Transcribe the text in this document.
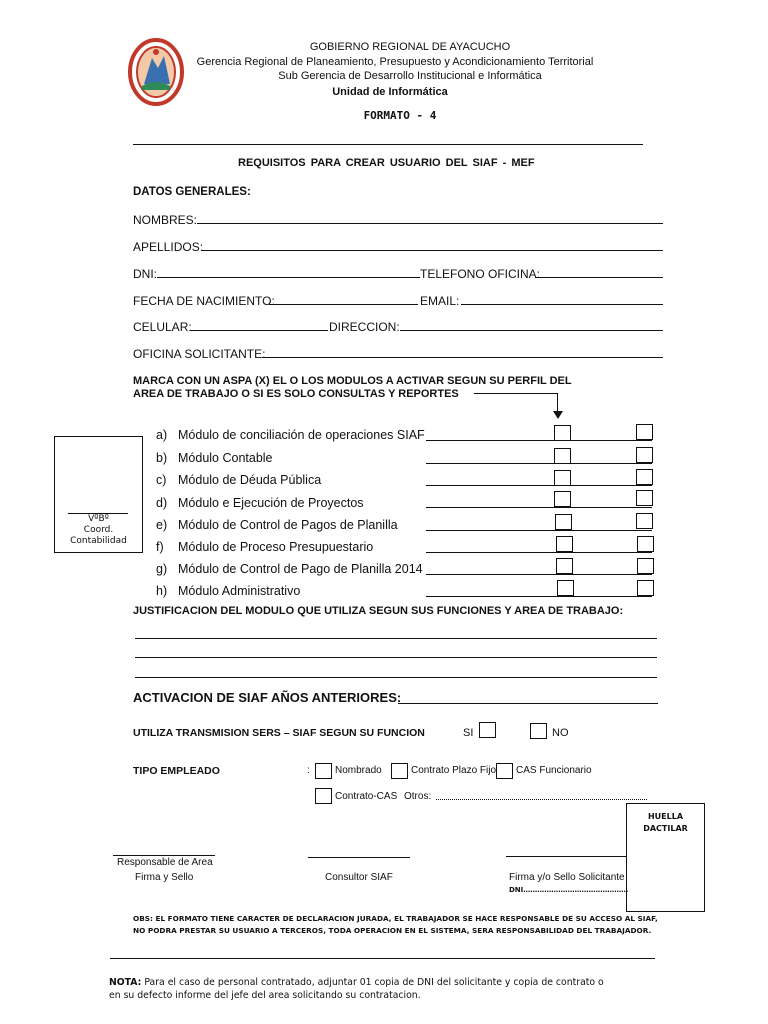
GOBIERNO REGIONAL DE AYACUCHO
Gerencia Regional de Planeamiento, Presupuesto y Acondicionamiento Territorial
Sub Gerencia de Desarrollo Institucional e Informática
Unidad de Informática
FORMATO - 4
REQUISITOS PARA CREAR USUARIO DEL SIAF - MEF
DATOS GENERALES:
NOMBRES:
APELLIDOS:
DNI:	TELEFONO OFICINA:
FECHA DE NACIMIENTO:	EMAIL:
CELULAR:	DIRECCION:
OFICINA SOLICITANTE:
MARCA CON UN ASPA (X) EL O LOS MODULOS A ACTIVAR SEGUN SU PERFIL DEL
AREA DE TRABAJO O SI ES SOLO CONSULTAS Y REPORTES
VºBº
Coord.
Contabilidad
a) Módulo de conciliación de operaciones SIAF
b) Módulo Contable
c) Módulo de Déuda Pública
d) Módulo e Ejecución de Proyectos
e) Módulo de Control de Pagos de Planilla
f) Módulo de Proceso Presupuestario
g) Módulo de Control de Pago de Planilla 2014
h) Módulo Administrativo
JUSTIFICACION DEL MODULO QUE UTILIZA SEGUN SUS FUNCIONES Y AREA DE TRABAJO:
ACTIVACION DE SIAF AÑOS ANTERIORES:
UTILIZA TRANSMISION SERS – SIAF SEGUN SU FUNCION	SI	NO
TIPO EMPLEADO	:	Nombrado	Contrato Plazo Fijo CAS Funcionario
Contrato-CAS Otros:
HUELLA
DACTILAR
Responsable de Area
Firma y Sello	Consultor SIAF	Firma y/o Sello Solicitante
DNI………………………………………
OBS: EL FORMATO TIENE CARACTER DE DECLARACION JURADA, EL TRABAJADOR SE HACE RESPONSABLE DE SU ACCESO AL SIAF,
NO PODRA PRESTAR SU USUARIO A TERCEROS, TODA OPERACION EN EL SISTEMA, SERA RESPONSABILIDAD DEL TRABAJADOR.
NOTA: Para el caso de personal contratado, adjuntar 01 copia de DNI del solicitante y copia de contrato o
en su defecto informe del jefe del area solicitando su contratacion.
